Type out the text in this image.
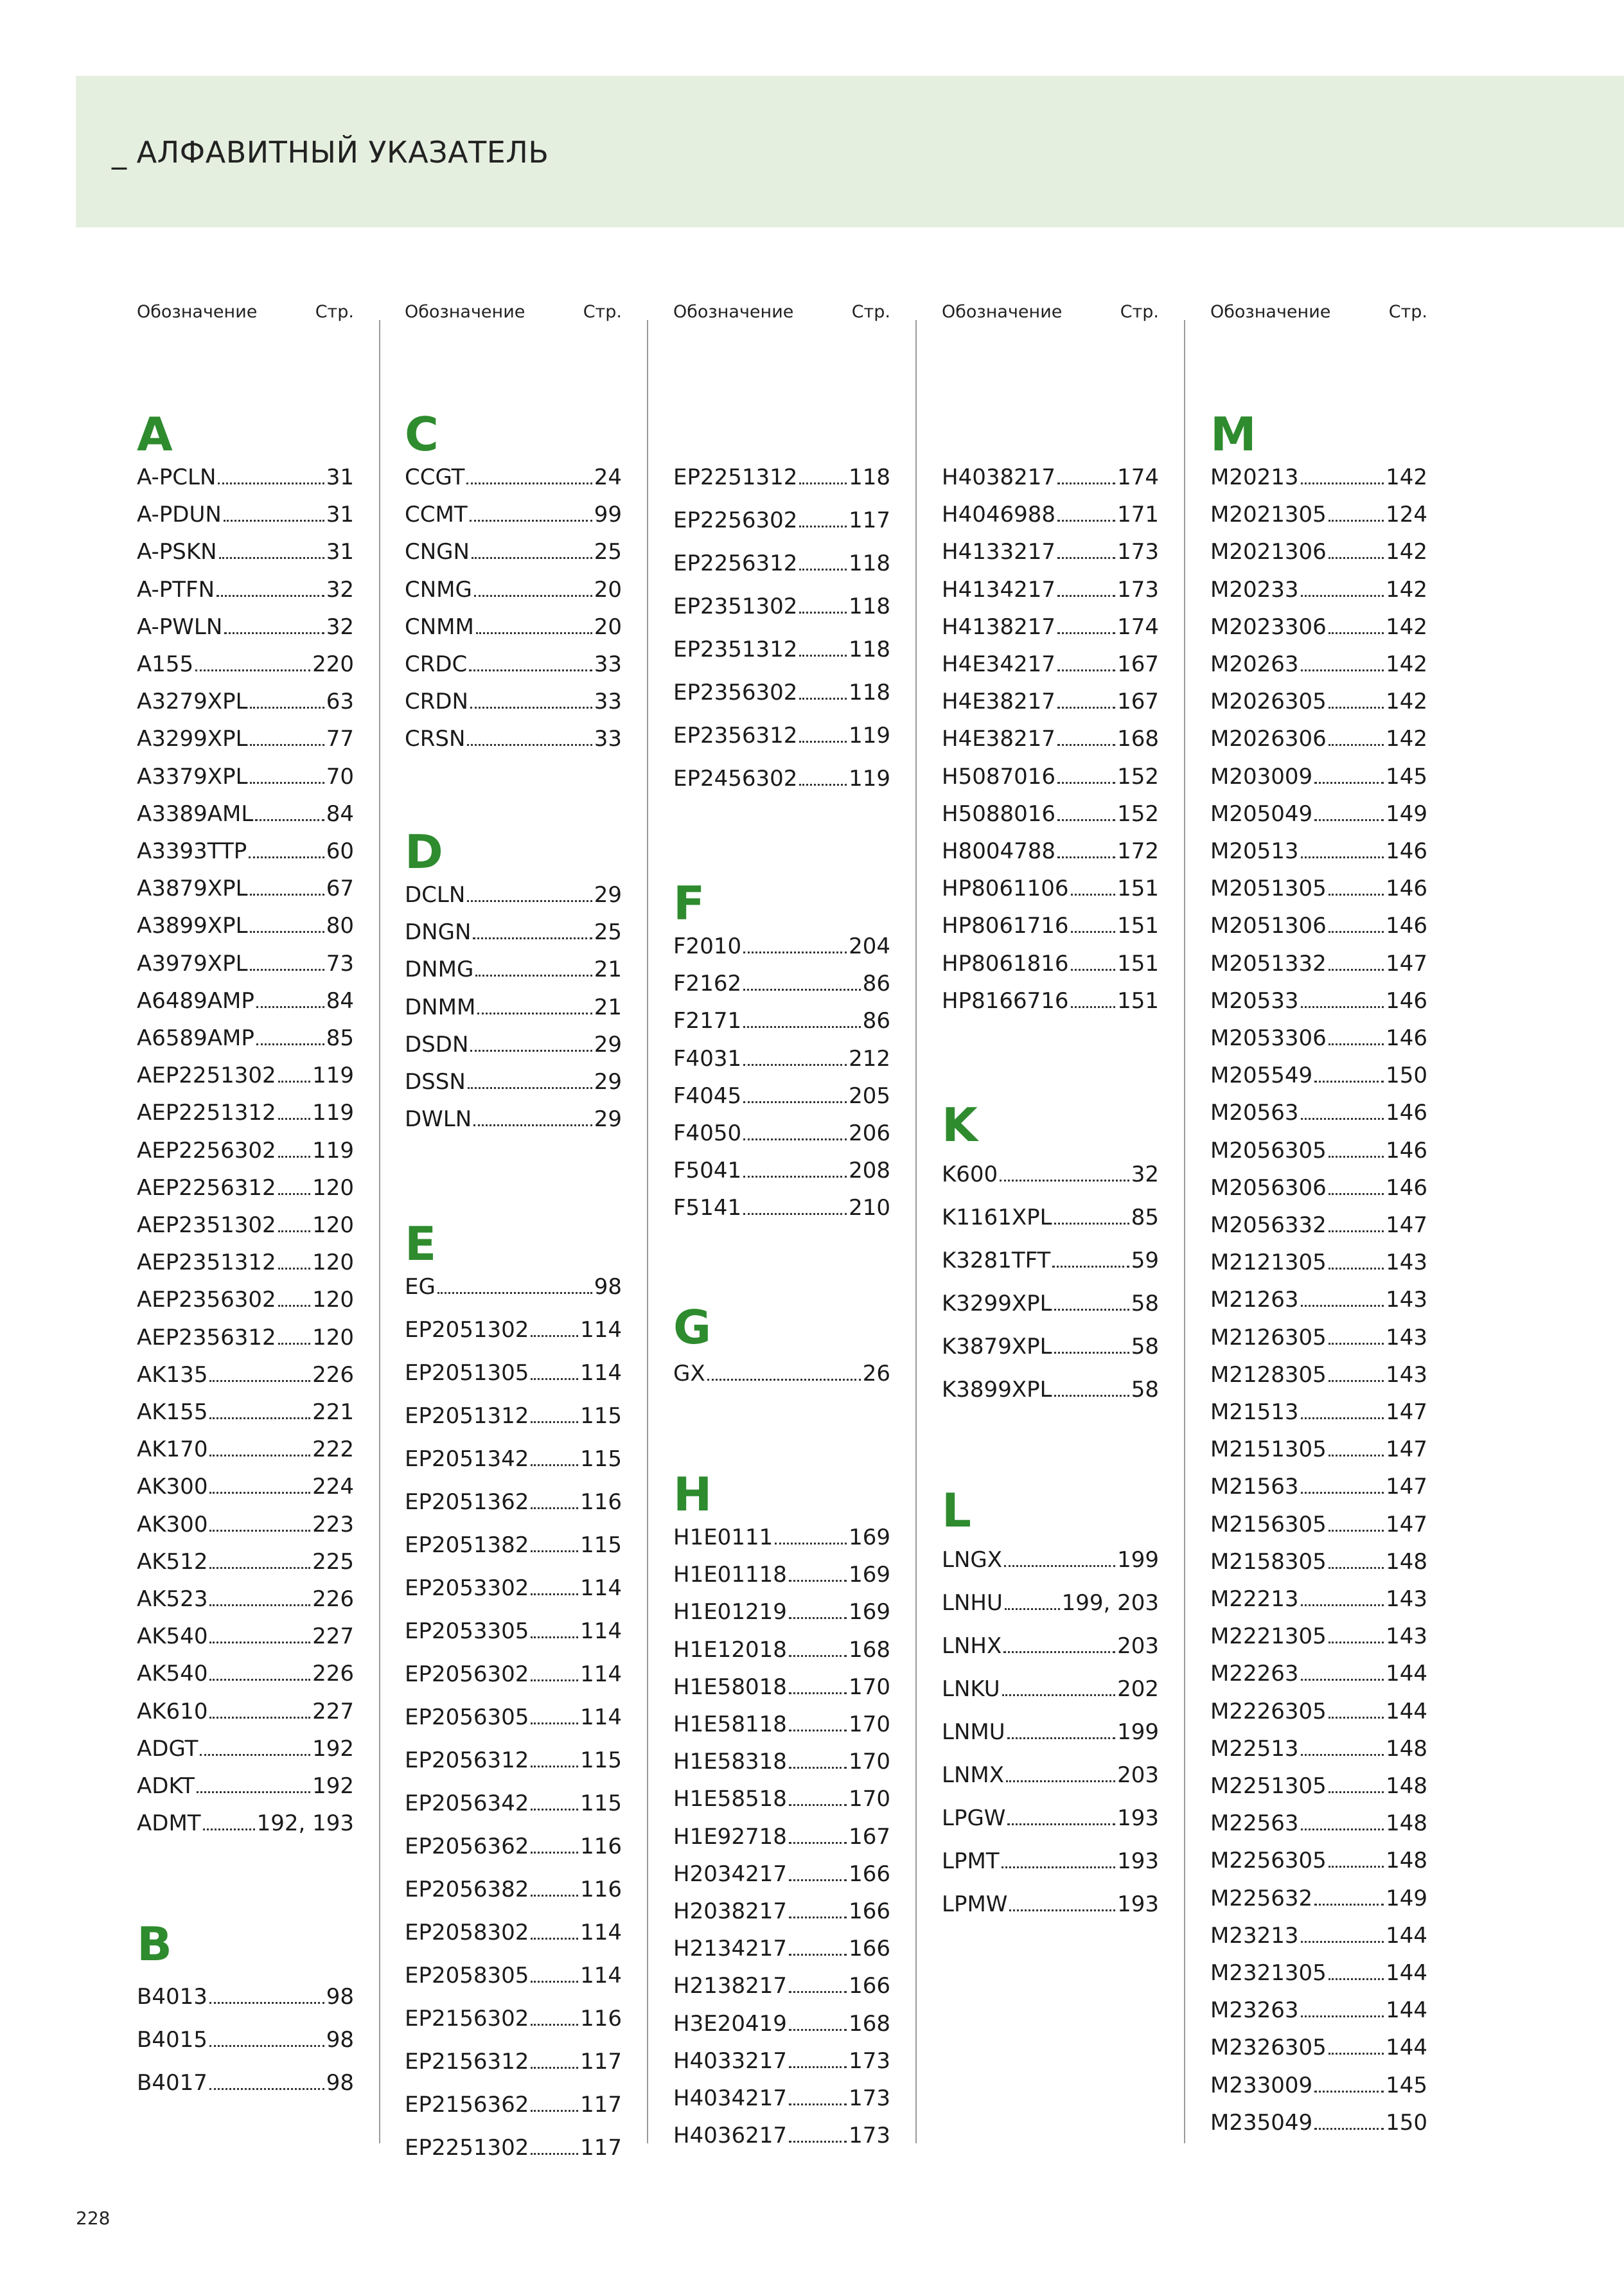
_ АЛФАВИТНЫЙ УКАЗАТЕЛЬ
Обозначение	Стр.
A
A-PCLN	31
A-PDUN	31
A-PSKN	31
A-PTFN	32
A-PWLN	32
A155	220
A3279XPL	63
A3299XPL	77
A3379XPL	70
A3389AML	84
A3393TTP	60
A3879XPL	67
A3899XPL	80
A3979XPL	73
A6489AMP	84
A6589AMP	85
AEP2251302 119
AEP2251312 119
AEP2256302 119
AEP2256312 120
AEP2351302 120
AEP2351312 120
AEP2356302 120
AEP2356312 120
AK135	226
AK155	221
AK170	222
AK300	224
AK300	223
AK512	225
AK523	226
AK540	227
AK540	226
AK610	227
ADGT	192
ADKT	192
ADMT	192, 193
B
B4013	98
B4015	98
B4017	98
Обозначение	Стр.
C
CCGT	24
CCMT	99
CNGN	25
CNMG	20
CNMM	20
CRDC	33
CRDN	33
CRSN	33
D
DCLN	29
DNGN	25
DNMG	21
DNMM	21
DSDN	29
DSSN	29
DWLN	29
E
EG	98
EP2051302 114
EP2051305 114
EP2051312 115
EP2051342 115
EP2051362 116
EP2051382 115
EP2053302 114
EP2053305 114
EP2056302 114
EP2056305 114
EP2056312 115
EP2056342 115
EP2056362 116
EP2056382 116
EP2058302 114
EP2058305 114
EP2156302 116
EP2156312 117
EP2156362 117
EP2251302 117
Обозначение	Стр.
EP2251312 118
EP2256302 117
EP2256312 118
EP2351302 118
EP2351312 118
EP2356302 118
EP2356312 119
EP2456302 119
F
F2010	204
F2162	86
F2171	86
F4031	212
F4045	205
F4050	206
F5041	208
F5141	210
G
GX	26
H
H1E0111	169
H1E01118	169
H1E01219	169
H1E12018	168
H1E58018	170
H1E58118	170
H1E58318	170
H1E58518	170
H1E92718	167
H2034217	166
H2038217	166
H2134217	166
H2138217	166
H3E20419	168
H4033217	173
H4034217	173
H4036217	173
Обозначение	Стр.
H4038217	174
H4046988	171
H4133217	173
H4134217	173
H4138217	174
H4E34217	167
H4E38217	167
H4E38217	168
H5087016	152
H5088016	152
H8004788	172
HP8061106 151
HP8061716 151
HP8061816 151
HP8166716 151
K
K600	32
K1161XPL	85
K3281TFT	59
K3299XPL	58
K3879XPL	58
K3899XPL	58
L
LNGX	199
LNHU	199, 203
LNHX	203
LNKU	202
LNMU	199
LNMX	203
LPGW	193
LPMT	193
LPMW	193
Обозначение	Стр.
M
M20213	142
M2021305	124
M2021306	142
M20233	142
M2023306	142
M20263	142
M2026305	142
M2026306	142
M203009	145
M205049	149
M20513	146
M2051305	146
M2051306	146
M2051332	147
M20533	146
M2053306	146
M205549	150
M20563	146
M2056305	146
M2056306	146
M2056332	147
M2121305	143
M21263	143
M2126305	143
M2128305	143
M21513	147
M2151305	147
M21563	147
M2156305	147
M2158305	148
M22213	143
M2221305	143
M22263	144
M2226305	144
M22513	148
M2251305	148
M22563	148
M2256305	148
M225632	149
M23213	144
M2321305	144
M23263	144
M2326305	144
M233009	145
M235049	150
228
